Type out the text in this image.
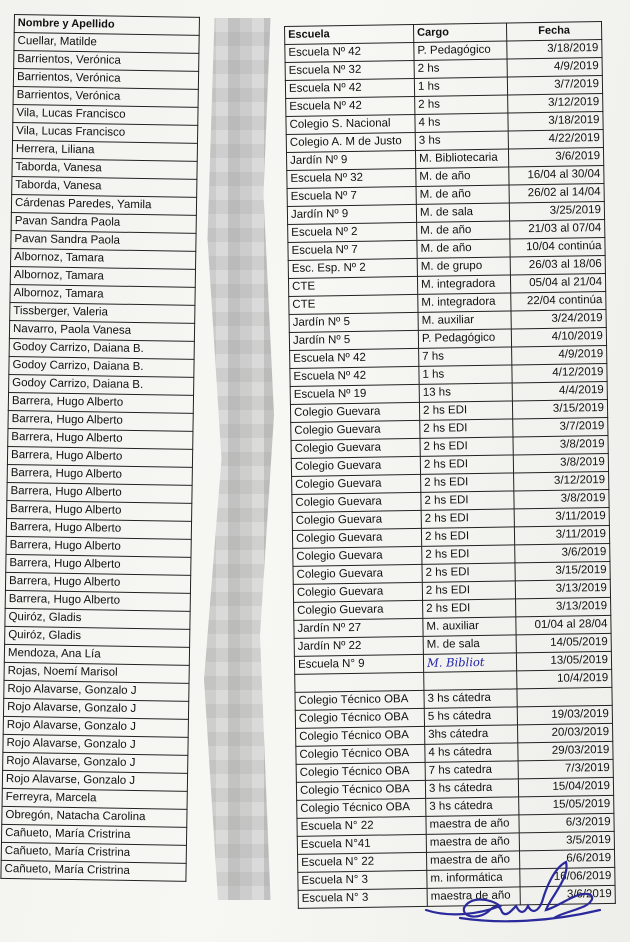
Nombre y Apellido
Cuellar, Matilde
Barrientos, Verónica
Barrientos, Verónica
Barrientos, Verónica
Vila, Lucas Francisco
Vila, Lucas Francisco
Herrera, Liliana
Taborda, Vanesa
Taborda, Vanesa
Cárdenas Paredes, Yamila
Pavan Sandra Paola
Pavan Sandra Paola
Albornoz, Tamara
Albornoz, Tamara
Albornoz, Tamara
Tissberger, Valeria
Navarro, Paola Vanesa
Godoy Carrizo, Daiana B.
Godoy Carrizo, Daiana B.
Godoy Carrizo, Daiana B.
Barrera, Hugo Alberto
Barrera, Hugo Alberto
Barrera, Hugo Alberto
Barrera, Hugo Alberto
Barrera, Hugo Alberto
Barrera, Hugo Alberto
Barrera, Hugo Alberto
Barrera, Hugo Alberto
Barrera, Hugo Alberto
Barrera, Hugo Alberto
Barrera, Hugo Alberto
Barrera, Hugo Alberto
Quiróz, Gladis
Quiróz, Gladis
Mendoza, Ana Lía
Rojas, Noemí Marisol
Rojo Alavarse, Gonzalo J
Rojo Alavarse, Gonzalo J
Rojo Alavarse, Gonzalo J
Rojo Alavarse, Gonzalo J
Rojo Alavarse, Gonzalo J
Rojo Alavarse, Gonzalo J
Ferreyra, Marcela
Obregón, Natacha Carolina
Cañueto, María Cristrina
Cañueto, María Cristrina
Cañueto, María Cristrina
Escuela	Cargo	Fecha
Escuela Nº 42	P. Pedagógico	3/18/2019
Escuela Nº 32	2 hs	4/9/2019
Escuela Nº 42	1 hs	3/7/2019
Escuela Nº 42	2 hs	3/12/2019
Colegio S. Nacional	4 hs	3/18/2019
Colegio A. M de Justo	3 hs	4/22/2019
Jardín Nº 9	M. Bibliotecaria	3/6/2019
Escuela Nº 32	M. de año	16/04 al 30/04
Escuela Nº 7	M. de año	26/02 al 14/04
Jardín Nº 9	M. de sala	3/25/2019
Escuela Nº 2	M. de año	21/03 al 07/04
Escuela Nº 7	M. de año	10/04 continúa
Esc. Esp. Nº 2	M. de grupo	26/03 al 18/06
CTE	M. integradora	05/04 al 21/04
CTE	M. integradora	22/04 continúa
Jardín Nº 5	M. auxiliar	3/24/2019
Jardín Nº 5	P. Pedagógico	4/10/2019
Escuela Nº 42	7 hs	4/9/2019
Escuela Nº 42	1 hs	4/12/2019
Escuela Nº 19	13 hs	4/4/2019
Colegio Guevara	2 hs EDI	3/15/2019
Colegio Guevara	2 hs EDI	3/7/2019
Colegio Guevara	2 hs EDI	3/8/2019
Colegio Guevara	2 hs EDI	3/8/2019
Colegio Guevara	2 hs EDI	3/12/2019
Colegio Guevara	2 hs EDI	3/8/2019
Colegio Guevara	2 hs EDI	3/11/2019
Colegio Guevara	2 hs EDI	3/11/2019
Colegio Guevara	2 hs EDI	3/6/2019
Colegio Guevara	2 hs EDI	3/15/2019
Colegio Guevara	2 hs EDI	3/13/2019
Colegio Guevara	2 hs EDI	3/13/2019
Jardín Nº 27	M. auxiliar	01/04 al 28/04
Jardín Nº 22	M. de sala	14/05/2019
Escuela N° 9	M. Bibliot	13/05/2019
		10/4/2019
Colegio Técnico OBA	3 hs cátedra	
Colegio Técnico OBA	5 hs cátedra	19/03/2019
Colegio Técnico OBA	3hs cátedra	20/03/2019
Colegio Técnico OBA	4 hs cátedra	29/03/2019
Colegio Técnico OBA	7 hs catedra	7/3/2019
Colegio Técnico OBA	3 hs cátedra	15/04/2019
Colegio Técnico OBA	3 hs cátedra	15/05/2019
Escuela N° 22	maestra de año	6/3/2019
Escuela N°41	maestra de año	3/5/2019
Escuela N° 22	maestra de año	6/6/2019
Escuela N° 3	m. informática	16/06/2019
Escuela N° 3	maestra de año	3/6/2019
